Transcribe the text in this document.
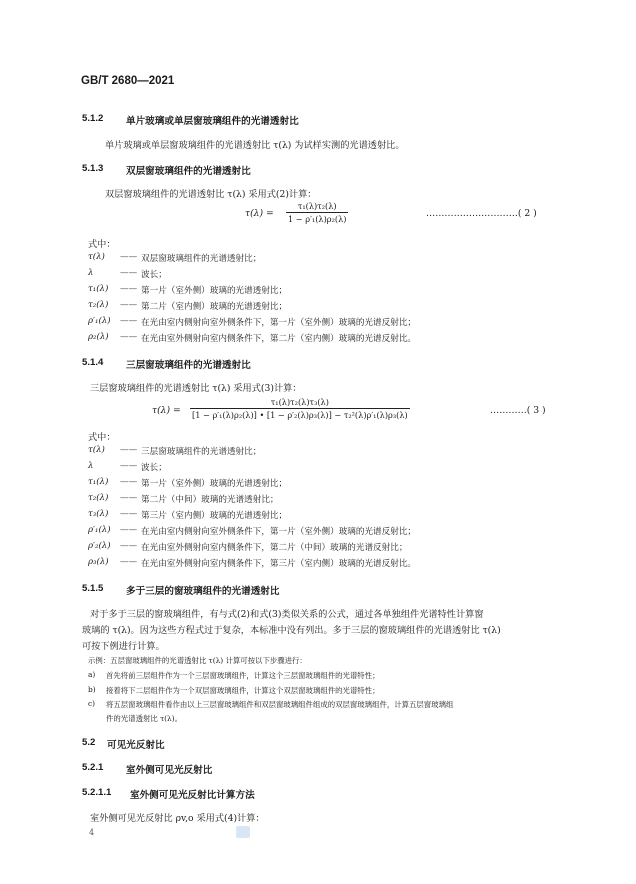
GB/T 2680—2021
5.1.2 单片玻璃或单层窗玻璃组件的光谱透射比
单片玻璃或单层窗玻璃组件的光谱透射比 τ(λ) 为试样实测的光谱透射比。
5.1.3 双层窗玻璃组件的光谱透射比
双层窗玻璃组件的光谱透射比 τ(λ) 采用式(2)计算：
$\tau(\lambda) = \frac{\text{τ₁(λ)τ₂(λ)}}{\text{1 − ρ′₁(λ)ρ₂(λ)}}$	…………………………( 2 )
式中：
τ(λ)	—— 双层窗玻璃组件的光谱透射比；
λ	—— 波长；
τ₁(λ)	—— 第一片（室外侧）玻璃的光谱透射比；
τ₂(λ)	—— 第二片（室内侧）玻璃的光谱透射比；
ρ′₁(λ)	—— 在光由室内侧射向室外侧条件下，第一片（室外侧）玻璃的光谱反射比；
ρ₂(λ)	—— 在光由室外侧射向室内侧条件下，第二片（室内侧）玻璃的光谱反射比。
5.1.4 三层窗玻璃组件的光谱透射比
三层窗玻璃组件的光谱透射比 τ(λ) 采用式(3)计算：
$\tau(\lambda) = \frac{\text{τ₁(λ)τ₂(λ)τ₃(λ)}}{\text{[1 − ρ′₁(λ)ρ₂(λ)] • [1 − ρ′₂(λ)ρ₃(λ)] − τ₂²(λ)ρ′₁(λ)ρ₃(λ)}}$	…………( 3 )
式中：
τ(λ)	—— 三层窗玻璃组件的光谱透射比；
λ	—— 波长；
τ₁(λ)	—— 第一片（室外侧）玻璃的光谱透射比；
τ₂(λ)	—— 第二片（中间）玻璃的光谱透射比；
τ₃(λ)	—— 第三片（室内侧）玻璃的光谱透射比；
ρ′₁(λ)	—— 在光由室内侧射向室外侧条件下，第一片（室外侧）玻璃的光谱反射比；
ρ′₂(λ)	—— 在光由室外侧射向室内侧条件下，第二片（中间）玻璃的光谱反射比；
ρ₃(λ)	—— 在光由室外侧射向室内侧条件下，第三片（室内侧）玻璃的光谱反射比。
5.1.5 多于三层的窗玻璃组件的光谱透射比
对于多于三层的窗玻璃组件，有与式(2)和式(3)类似关系的公式，通过各单独组件光谱特性计算窗
玻璃的 τ(λ)。因为这些方程式过于复杂，本标准中没有列出。多于三层的窗玻璃组件的光谱透射比 τ(λ)
可按下例进行计算。
示例：五层窗玻璃组件的光谱透射比 τ(λ) 计算可按以下步骤进行：
a) 首先将前三层组件作为一个三层窗玻璃组件，计算这个三层窗玻璃组件的光谱特性；
b) 接着将下二层组件作为一个双层窗玻璃组件，计算这个双层窗玻璃组件的光谱特性；
c) 将五层窗玻璃组件看作由以上三层窗玻璃组件和双层窗玻璃组件组成的双层窗玻璃组件，计算五层窗玻璃组
件的光谱透射比 τ(λ)。
5.2 可见光反射比
5.2.1 室外侧可见光反射比
5.2.1.1 室外侧可见光反射比计算方法
室外侧可见光反射比 ρv,o 采用式(4)计算：
4
